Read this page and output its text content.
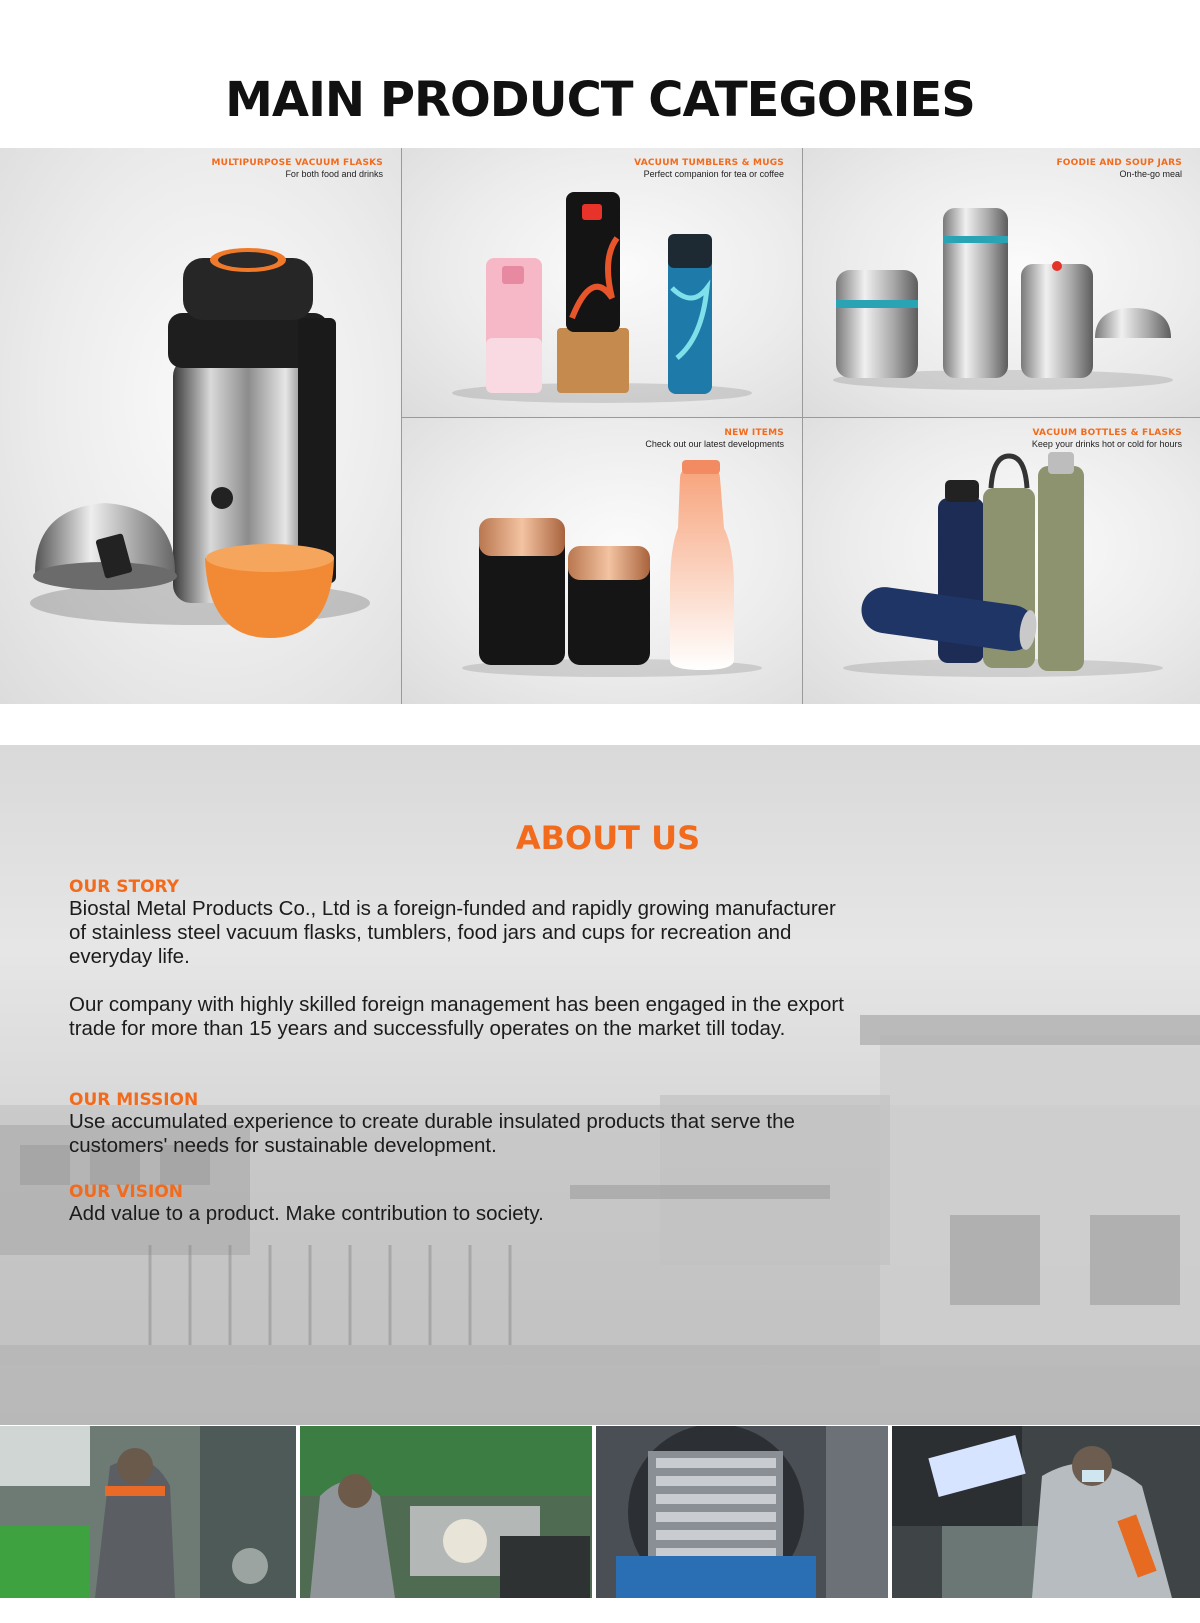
MAIN PRODUCT CATEGORIES
MULTIPURPOSE VACUUM FLASKS
For both food and drinks
VACUUM TUMBLERS & MUGS
Perfect companion for tea or coffee
FOODIE AND SOUP JARS
On-the-go meal
NEW ITEMS
Check out our latest developments
VACUUM BOTTLES & FLASKS
Keep your drinks hot or cold for hours
ABOUT US
OUR STORY
Biostal Metal Products Co., Ltd is a foreign-funded and rapidly growing manufacturer of stainless steel vacuum flasks, tumblers, food jars and cups for recreation and everyday life.
Our company with highly skilled foreign management has been engaged in the export trade for more than 15 years and successfully operates on the market till today.
OUR MISSION
Use accumulated experience to create durable insulated products that serve the customers' needs for sustainable development.
OUR VISION
Add value to a product. Make contribution to society.
